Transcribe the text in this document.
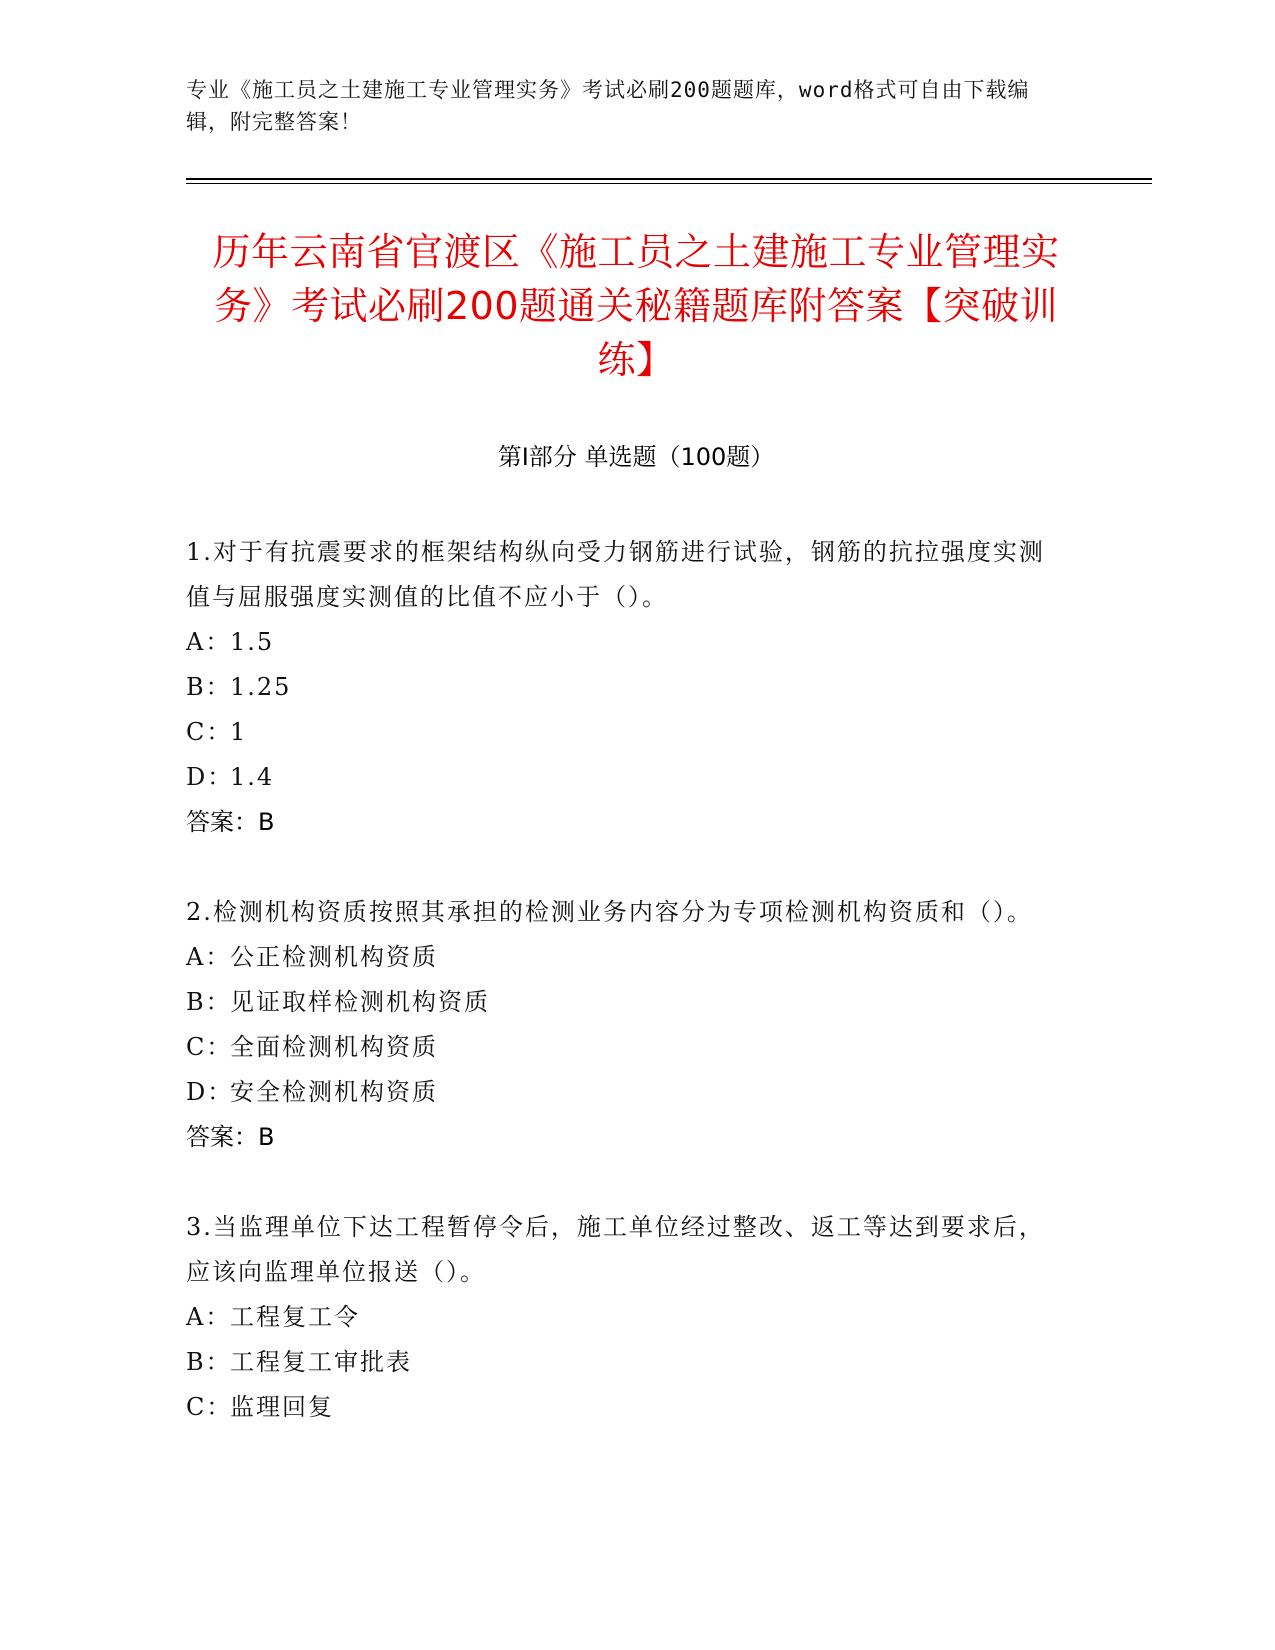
专业《施工员之土建施工专业管理实务》考试必刷200题题库，word格式可自由下载编辑，附完整答案！
历年云南省官渡区《施工员之土建施工专业管理实务》考试必刷200题通关秘籍题库附答案【突破训练】
第I部分 单选题（100题）

1.对于有抗震要求的框架结构纵向受力钢筋进行试验，钢筋的抗拉强度实测值与屈服强度实测值的比值不应小于（）。

A：1.5

B：1.25

C：1

D：1.4

答案：B

2.检测机构资质按照其承担的检测业务内容分为专项检测机构资质和（）。

A：公正检测机构资质

B：见证取样检测机构资质

C：全面检测机构资质

D：安全检测机构资质

答案：B

3.当监理单位下达工程暂停令后，施工单位经过整改、返工等达到要求后，应该向监理单位报送（）。

A：工程复工令

B：工程复工审批表

C：监理回复
